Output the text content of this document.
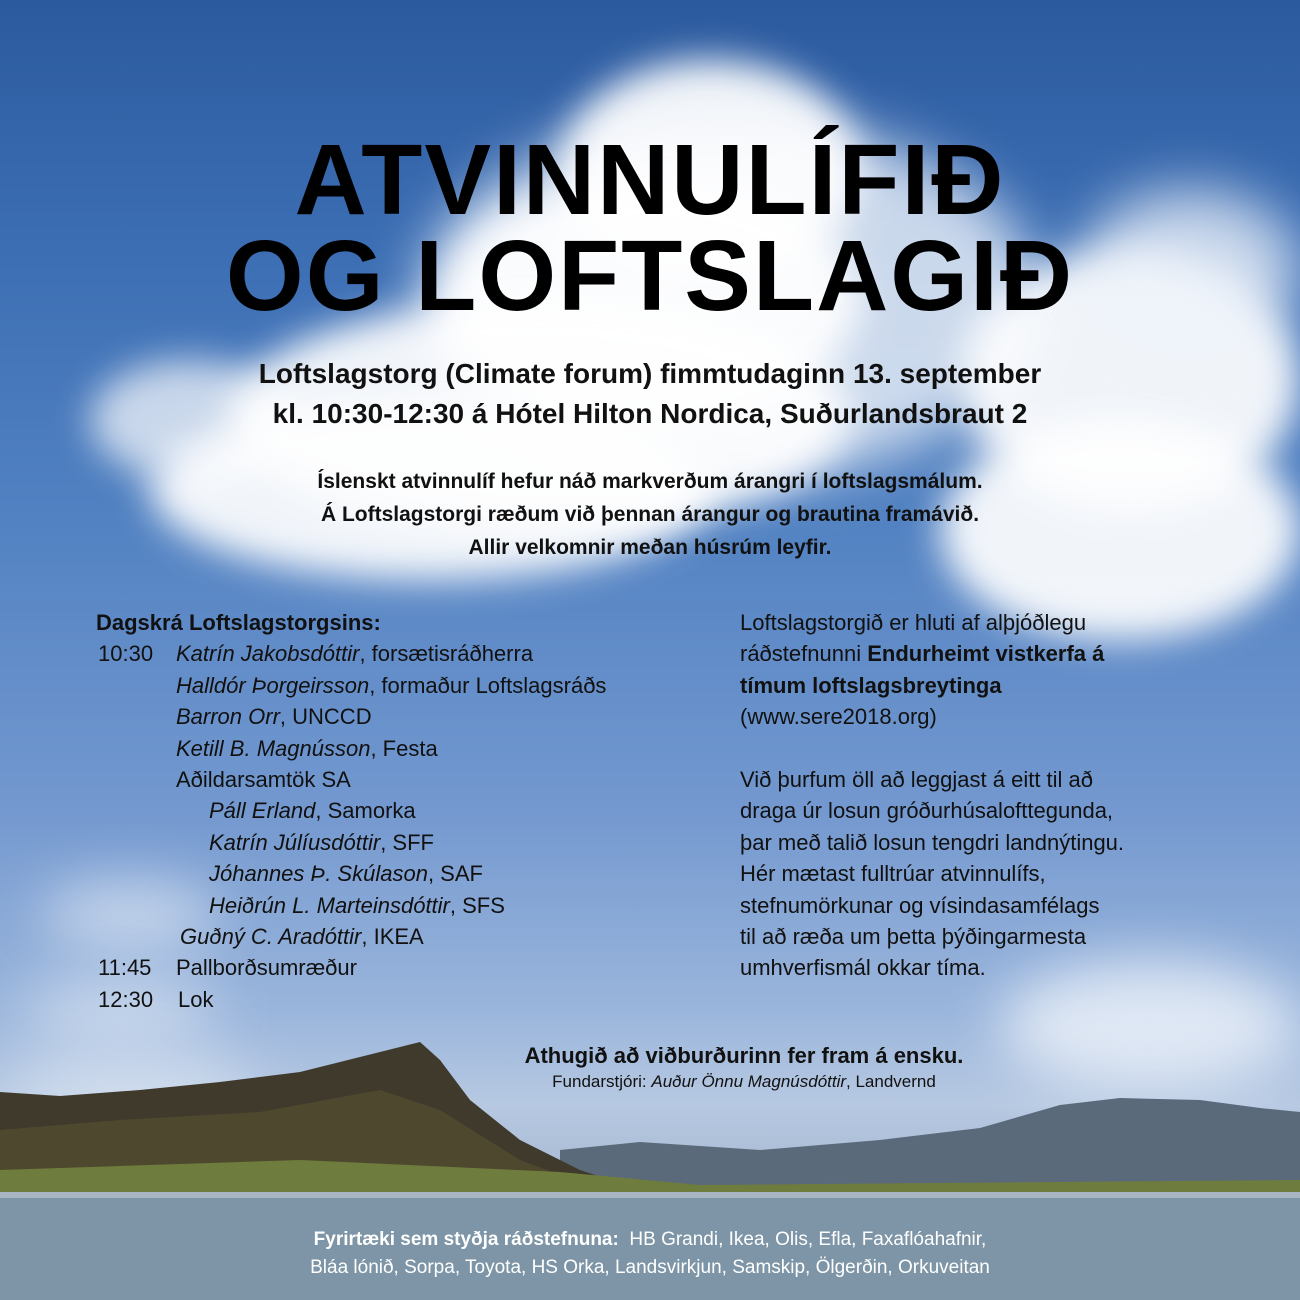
ATVINNULÍFIÐ
OG LOFTSLAGIÐ
Loftslagstorg (Climate forum) fimmtudaginn 13. september
kl. 10:30-12:30 á Hótel Hilton Nordica, Suðurlandsbraut 2
Íslenskt atvinnulíf hefur náð markverðum árangri í loftslagsmálum.
Á Loftslagstorgi ræðum við þennan árangur og brautina framávið.
Allir velkomnir meðan húsrúm leyfir.
Dagskrá Loftslagstorgsins:
10:30 Katrín Jakobsdóttir, forsætisráðherra
Halldór Þorgeirsson, formaður Loftslagsráðs
Barron Orr, UNCCD
Ketill B. Magnússon, Festa
Aðildarsamtök SA
Páll Erland, Samorka
Katrín Júlíusdóttir, SFF
Jóhannes Þ. Skúlason, SAF
Heiðrún L. Marteinsdóttir, SFS
Guðný C. Aradóttir, IKEA
11:45 Pallborðsumræður
12:30 Lok
Loftslagstorgið er hluti af alþjóðlegu
ráðstefnunni Endurheimt vistkerfa á
tímum loftslagsbreytinga
(www.sere2018.org)
Við þurfum öll að leggjast á eitt til að
draga úr losun gróðurhúsalofttegunda,
þar með talið losun tengdri landnýtingu.
Hér mætast fulltrúar atvinnulífs,
stefnumörkunar og vísindasamfélags
til að ræða um þetta þýðingarmesta
umhverfismál okkar tíma.
Athugið að viðburðurinn fer fram á ensku.
Fundarstjóri: Auður Önnu Magnúsdóttir, Landvernd
Fyrirtæki sem styðja ráðstefnuna: HB Grandi, Ikea, Olis, Efla, Faxaflóahafnir,
Bláa lónið, Sorpa, Toyota, HS Orka, Landsvirkjun, Samskip, Ölgerðin, Orkuveitan
